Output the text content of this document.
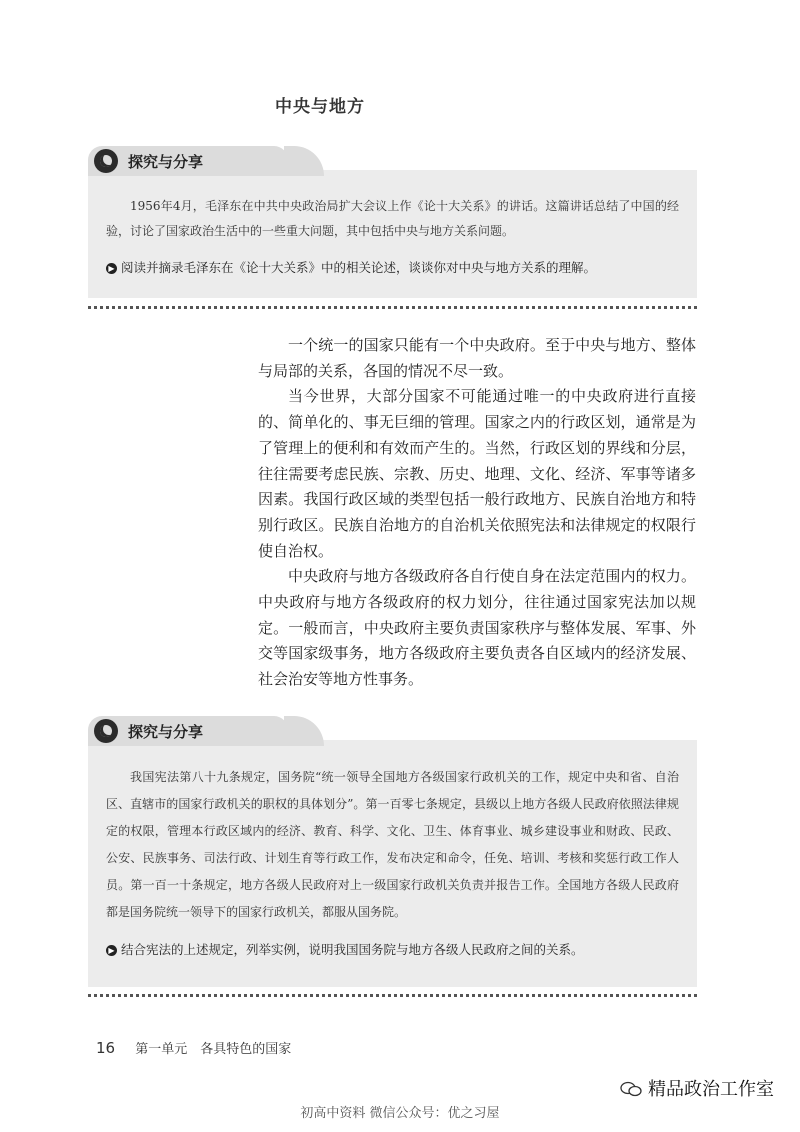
中央与地方
探究与分享
1956年4月，毛泽东在中共中央政治局扩大会议上作《论十大关系》的讲话。这篇讲话总结了中国的经验，讨论了国家政治生活中的一些重大问题，其中包括中央与地方关系问题。
▶ 阅读并摘录毛泽东在《论十大关系》中的相关论述，谈谈你对中央与地方关系的理解。

一个统一的国家只能有一个中央政府。至于中央与地方、整体与局部的关系，各国的情况不尽一致。

当今世界，大部分国家不可能通过唯一的中央政府进行直接的、简单化的、事无巨细的管理。国家之内的行政区划，通常是为了管理上的便利和有效而产生的。当然，行政区划的界线和分层，往往需要考虑民族、宗教、历史、地理、文化、经济、军事等诸多因素。我国行政区域的类型包括一般行政地方、民族自治地方和特别行政区。民族自治地方的自治机关依照宪法和法律规定的权限行使自治权。

中央政府与地方各级政府各自行使自身在法定范围内的权力。中央政府与地方各级政府的权力划分，往往通过国家宪法加以规定。一般而言，中央政府主要负责国家秩序与整体发展、军事、外交等国家级事务，地方各级政府主要负责各自区域内的经济发展、社会治安等地方性事务。

探究与分享
我国宪法第八十九条规定，国务院“统一领导全国地方各级国家行政机关的工作，规定中央和省、自治区、直辖市的国家行政机关的职权的具体划分”。第一百零七条规定，县级以上地方各级人民政府依照法律规定的权限，管理本行政区域内的经济、教育、科学、文化、卫生、体育事业、城乡建设事业和财政、民政、公安、民族事务、司法行政、计划生育等行政工作，发布决定和命令，任免、培训、考核和奖惩行政工作人员。第一百一十条规定，地方各级人民政府对上一级国家行政机关负责并报告工作。全国地方各级人民政府都是国务院统一领导下的国家行政机关，都服从国务院。
▶ 结合宪法的上述规定，列举实例，说明我国国务院与地方各级人民政府之间的关系。
16 第一单元　各具特色的国家
精品政治工作室
初高中资料 微信公众号：优之习屋
